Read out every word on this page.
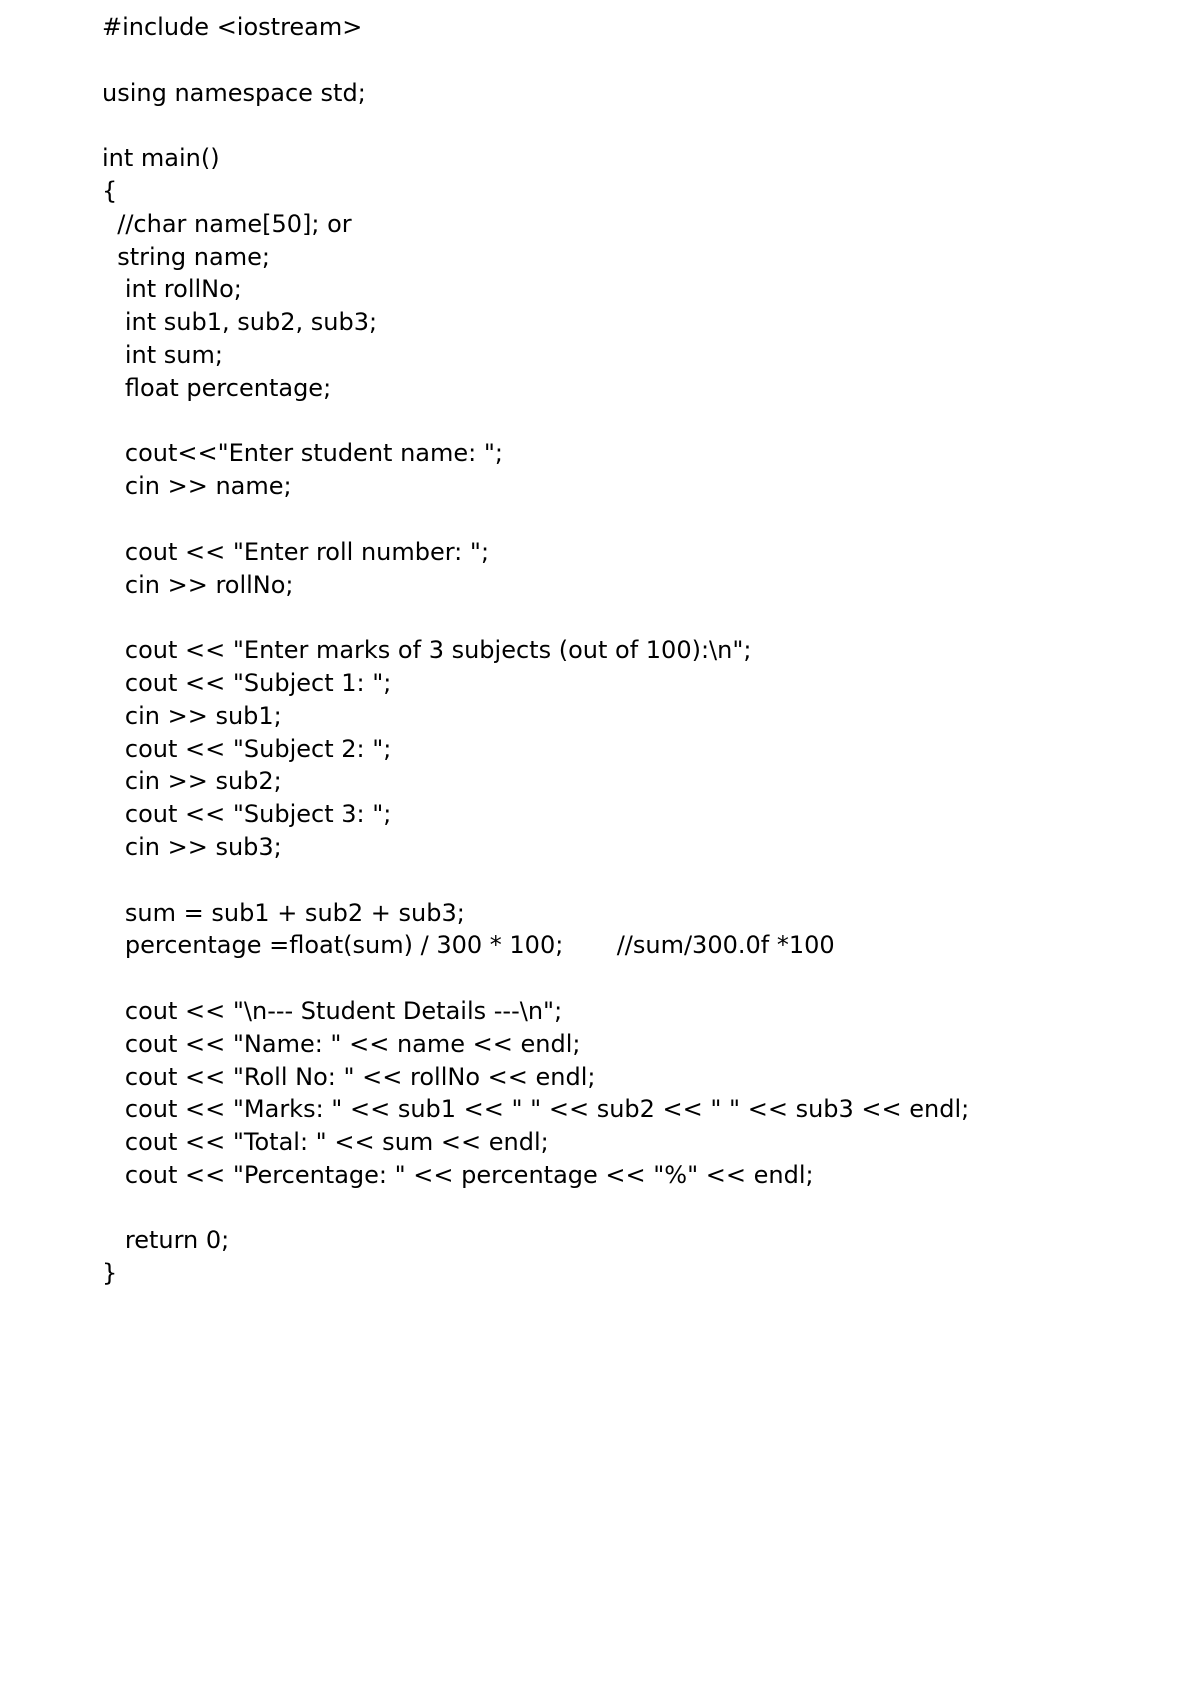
#include <iostream>
using namespace std;
int main()
{
//char name[50]; or
string name;
int rollNo;
int sub1, sub2, sub3;
int sum;
float percentage;
cout<<"Enter student name: ";
cin >> name;
cout << "Enter roll number: ";
cin >> rollNo;
cout << "Enter marks of 3 subjects (out of 100):\n";
cout << "Subject 1: ";
cin >> sub1;
cout << "Subject 2: ";
cin >> sub2;
cout << "Subject 3: ";
cin >> sub3;
sum = sub1 + sub2 + sub3;
percentage =float(sum) / 300 * 100;       //sum/300.0f *100
cout << "\n--- Student Details ---\n";
cout << "Name: " << name << endl;
cout << "Roll No: " << rollNo << endl;
cout << "Marks: " << sub1 << " " << sub2 << " " << sub3 << endl;
cout << "Total: " << sum << endl;
cout << "Percentage: " << percentage << "%" << endl;
return 0;
}
